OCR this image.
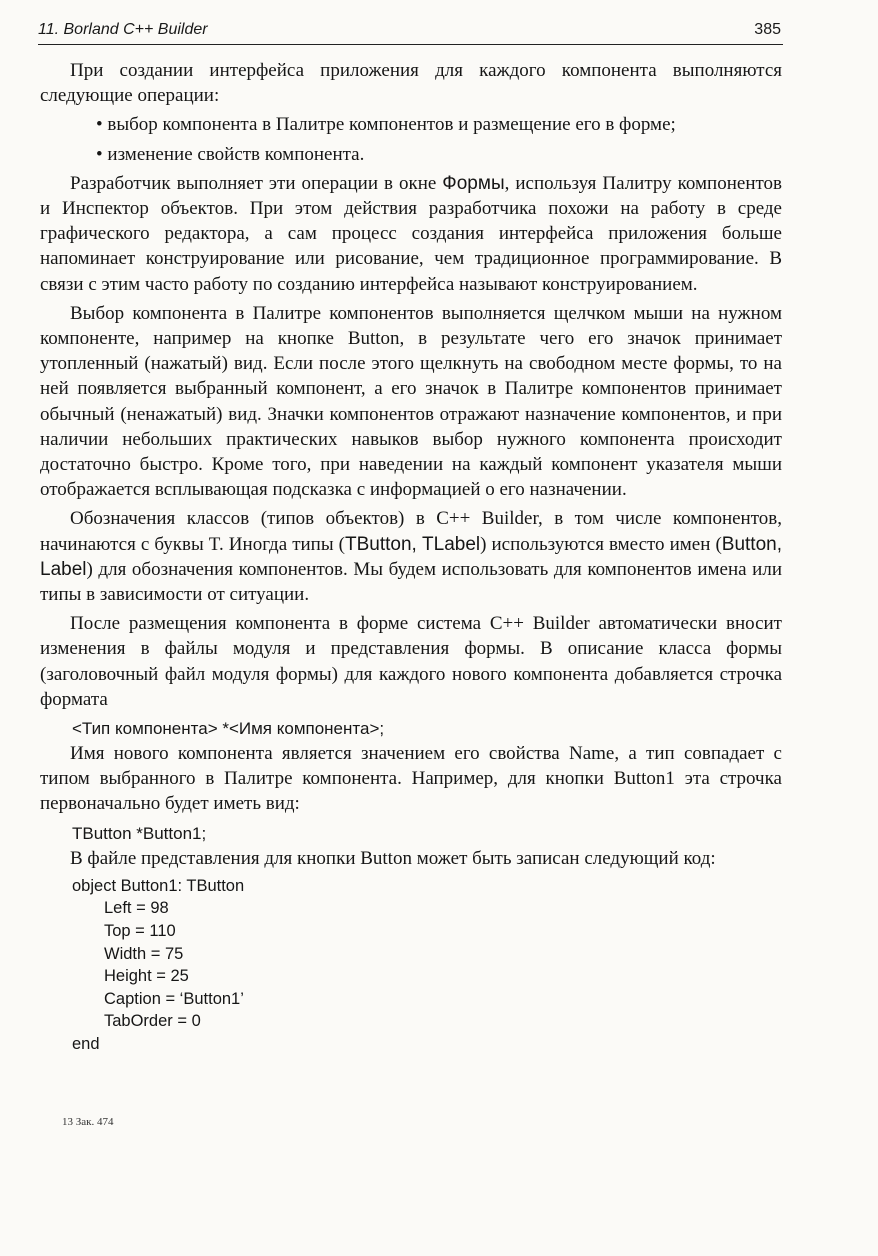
11. Borland C++ Builder	385

При создании интерфейса приложения для каждого компонента выполняются следующие операции:

• выбор компонента в Палитре компонентов и размещение его в форме;

• изменение свойств компонента.

Разработчик выполняет эти операции в окне Формы, используя Палитру компонентов и Инспектор объектов. При этом действия разработчика похожи на работу в среде графического редактора, а сам процесс создания интерфейса приложения больше напоминает конструирование или рисование, чем традиционное программирование. В связи с этим часто работу по созданию интерфейса называют конструированием.

Выбор компонента в Палитре компонентов выполняется щелчком мыши на нужном компоненте, например на кнопке Button, в результате чего его значок принимает утопленный (нажатый) вид. Если после этого щелкнуть на свободном месте формы, то на ней появляется выбранный компонент, а его значок в Палитре компонентов принимает обычный (ненажатый) вид. Значки компонентов отражают назначение компонентов, и при наличии небольших практических навыков выбор нужного компонента происходит достаточно быстро. Кроме того, при наведении на каждый компонент указателя мыши отображается всплывающая подсказка с информацией о его назначении.

Обозначения классов (типов объектов) в C++ Builder, в том числе компонентов, начинаются с буквы T. Иногда типы (TButton, TLabel) используются вместо имен (Button, Label) для обозначения компонентов. Мы будем использовать для компонентов имена или типы в зависимости от ситуации.

После размещения компонента в форме система C++ Builder автоматически вносит изменения в файлы модуля и представления формы. В описание класса формы (заголовочный файл модуля формы) для каждого нового компонента добавляется строчка формата

<Тип компонента> *<Имя компонента>;

Имя нового компонента является значением его свойства Name, а тип совпадает с типом выбранного в Палитре компонента. Например, для кнопки Button1 эта строчка первоначально будет иметь вид:

TButton *Button1;

В файле представления для кнопки Button может быть записан следующий код:

object Button1: TButton
Left = 98
Top = 110
Width = 75
Height = 25
Caption = ‘Button1’
TabOrder = 0
end
13 Зак. 474
